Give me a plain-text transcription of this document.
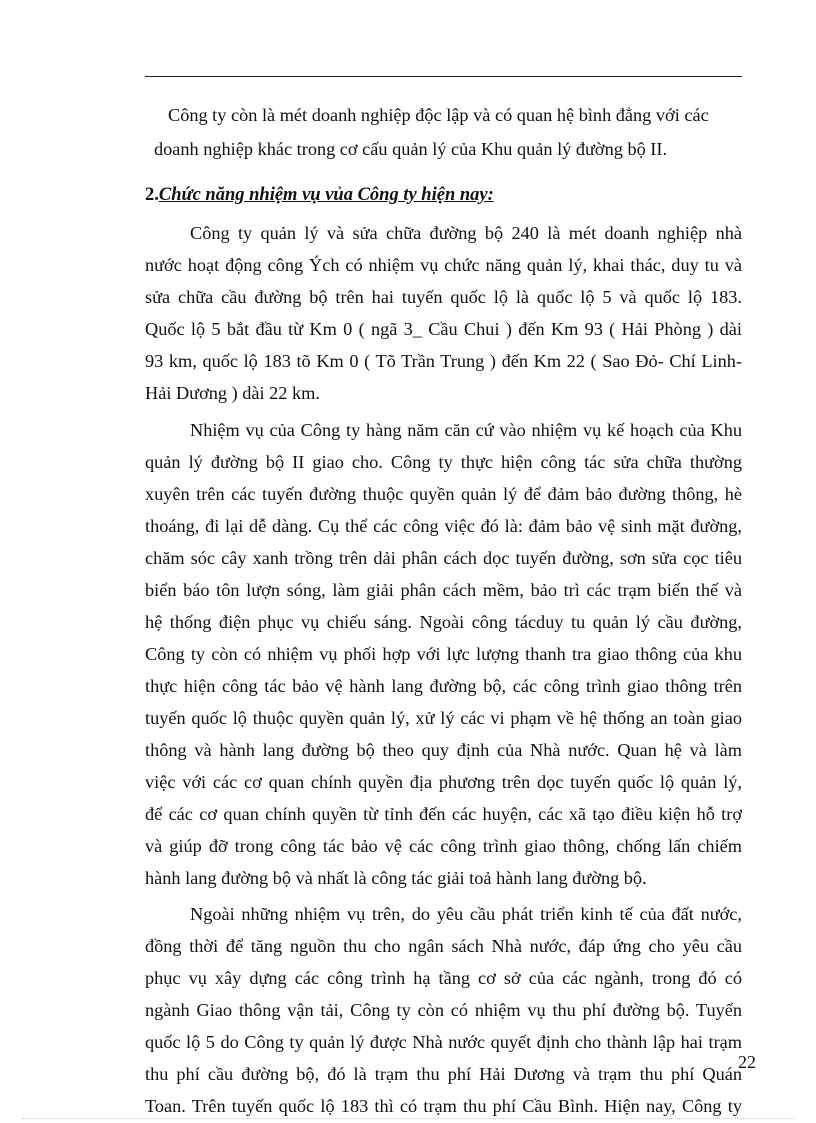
Công ty còn là mét doanh nghiệp độc lập và có quan hệ bình đẳng với các
doanh nghiệp khác trong cơ cấu quản lý của Khu quản lý đường bộ II.
2.Chức năng nhiệm vụ vủa Công ty hiện nay:
Công ty quản lý và sửa chữa đường bộ 240 là mét doanh nghiệp nhà
nước hoạt động công Ých có nhiệm vụ chức năng quản lý, khai thác, duy tu và
sửa chữa cầu đường bộ trên hai tuyến quốc lộ là quốc lộ 5 và quốc lộ 183.
Quốc lộ 5 bắt đầu từ Km 0 ( ngã 3_ Cầu Chui ) đến Km 93 ( Hải Phòng ) dài
93 km, quốc lộ 183 tõ Km 0 ( Tõ Trần Trung ) đến Km 22 ( Sao Đỏ- Chí Linh-
Hải Dương ) dài 22 km.
Nhiệm vụ của Công ty hàng năm căn cứ vào nhiệm vụ kế hoạch của Khu
quản lý đường bộ II giao cho. Công ty thực hiện công tác sửa chữa thường
xuyên trên các tuyến đường thuộc quyền quản lý để đảm bảo đường thông, hè
thoáng, đi lại dễ dàng. Cụ thể các công việc đó là: đảm bảo vệ sinh mặt đường,
chăm sóc cây xanh trồng trên dải phân cách dọc tuyến đường, sơn sửa cọc tiêu
biển báo tôn lượn sóng, làm giải phân cách mềm, bảo trì các trạm biến thế và
hệ thống điện phục vụ chiếu sáng. Ngoài công tácduy tu quản lý cầu đường,
Công ty còn có nhiệm vụ phối hợp với lực lượng thanh tra giao thông của khu
thực hiện công tác bảo vệ hành lang đường bộ, các công trình giao thông trên
tuyến quốc lộ thuộc quyền quản lý, xử lý các vi phạm về hệ thống an toàn giao
thông và hành lang đường bộ theo quy định của Nhà nước. Quan hệ và làm
việc với các cơ quan chính quyền địa phương trên dọc tuyến quốc lộ quản lý,
để các cơ quan chính quyền từ tỉnh đến các huyện, các xã tạo điều kiện hỗ trợ
và giúp đỡ trong công tác bảo vệ các công trình giao thông, chống lấn chiếm
hành lang đường bộ và nhất là công tác giải toả hành lang đường bộ.
Ngoài những nhiệm vụ trên, do yêu cầu phát triển kinh tế của đất nước,
đồng thời để tăng nguồn thu cho ngân sách Nhà nước, đáp ứng cho yêu cầu
phục vụ xây dựng các công trình hạ tầng cơ sở của các ngành, trong đó có
ngành Giao thông vận tải, Công ty còn có nhiệm vụ thu phí đường bộ. Tuyến
quốc lộ 5 do Công ty quản lý được Nhà nước quyết định cho thành lập hai trạm
thu phí cầu đường bộ, đó là trạm thu phí Hải Dương và trạm thu phí Quán
Toan. Trên tuyến quốc lộ 183 thì có trạm thu phí Cầu Bình. Hiện nay, Công ty
22
